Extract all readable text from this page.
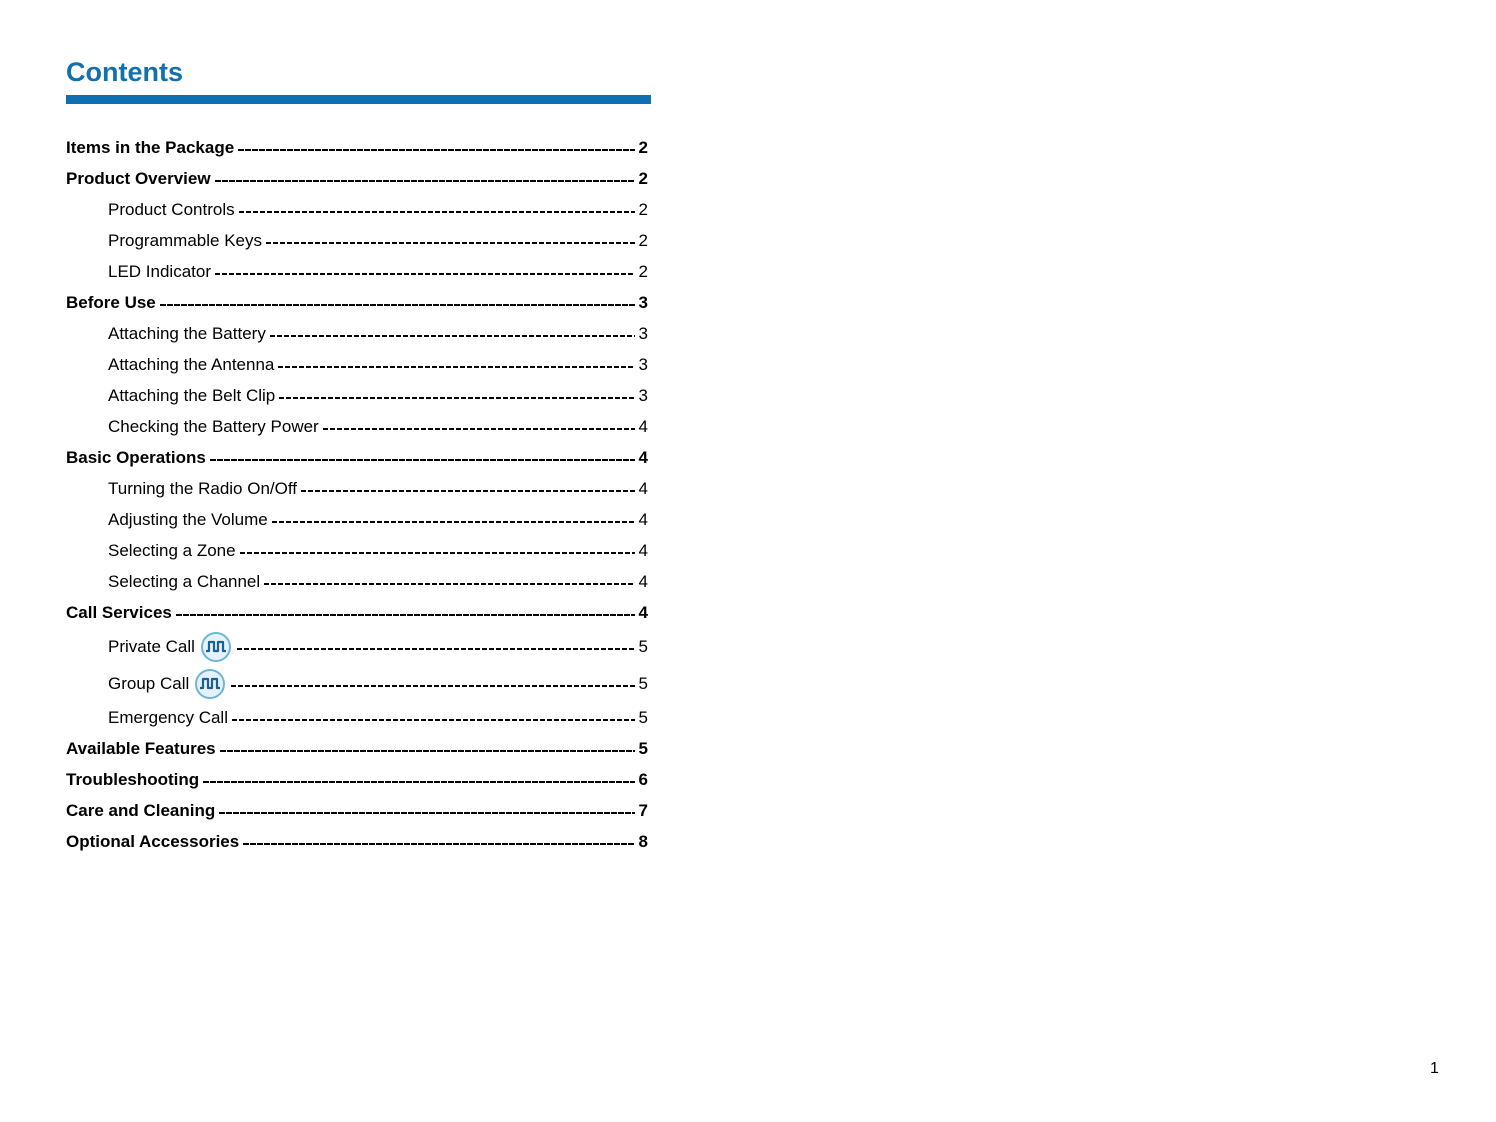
Contents
Items in the Package	2
Product Overview	2
Product Controls	2
Programmable Keys	2
LED Indicator	2
Before Use	3
Attaching the Battery	3
Attaching the Antenna	3
Attaching the Belt Clip	3
Checking the Battery Power	4
Basic Operations	4
Turning the Radio On/Off	4
Adjusting the Volume	4
Selecting a Zone	4
Selecting a Channel	4
Call Services	4
Private Call	5
Group Call	5
Emergency Call	5
Available Features	5
Troubleshooting	6
Care and Cleaning	7
Optional Accessories	8
1
